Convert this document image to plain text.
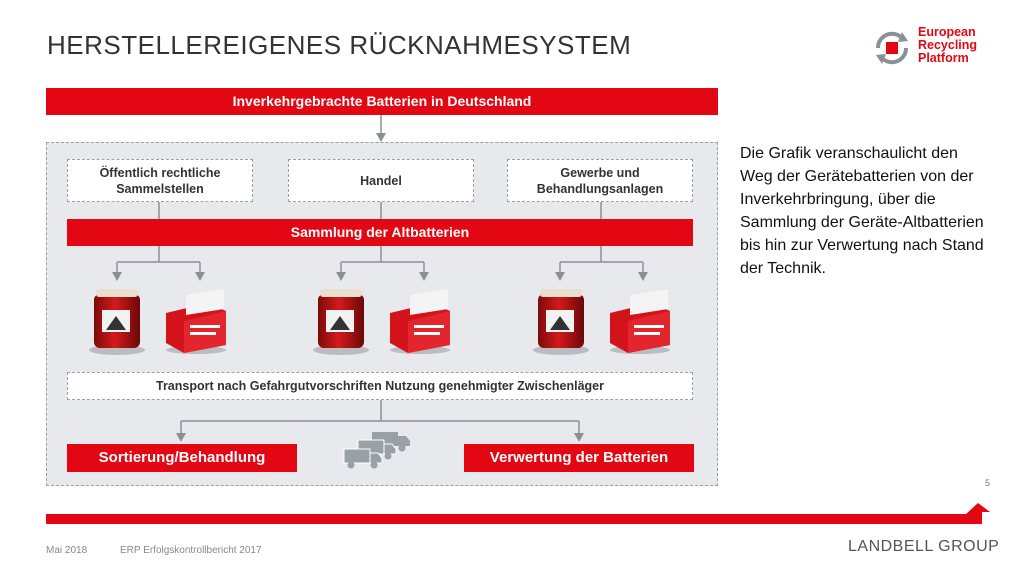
HERSTELLEREIGENES RÜCKNAHMESYSTEM	European
Recycling
Platform
Inverkehrgebrachte Batterien in Deutschland
Öffentlich rechtliche
Sammelstellen
Handel
Gewerbe und
Behandlungsanlagen
Sammlung der Altbatterien
Transport nach Gefahrgutvorschriften Nutzung genehmigter Zwischenläger
Sortierung/Behandlung	Verwertung der Batterien
Die Grafik veranschaulicht den Weg der Gerätebatterien von der Inverkehrbringung, über die Sammlung der Geräte-Altbatterien bis hin zur Verwertung nach Stand der Technik.
5
Mai 2018	ERP Erfolgskontrollbericht 2017	LANDBELL GROUP
